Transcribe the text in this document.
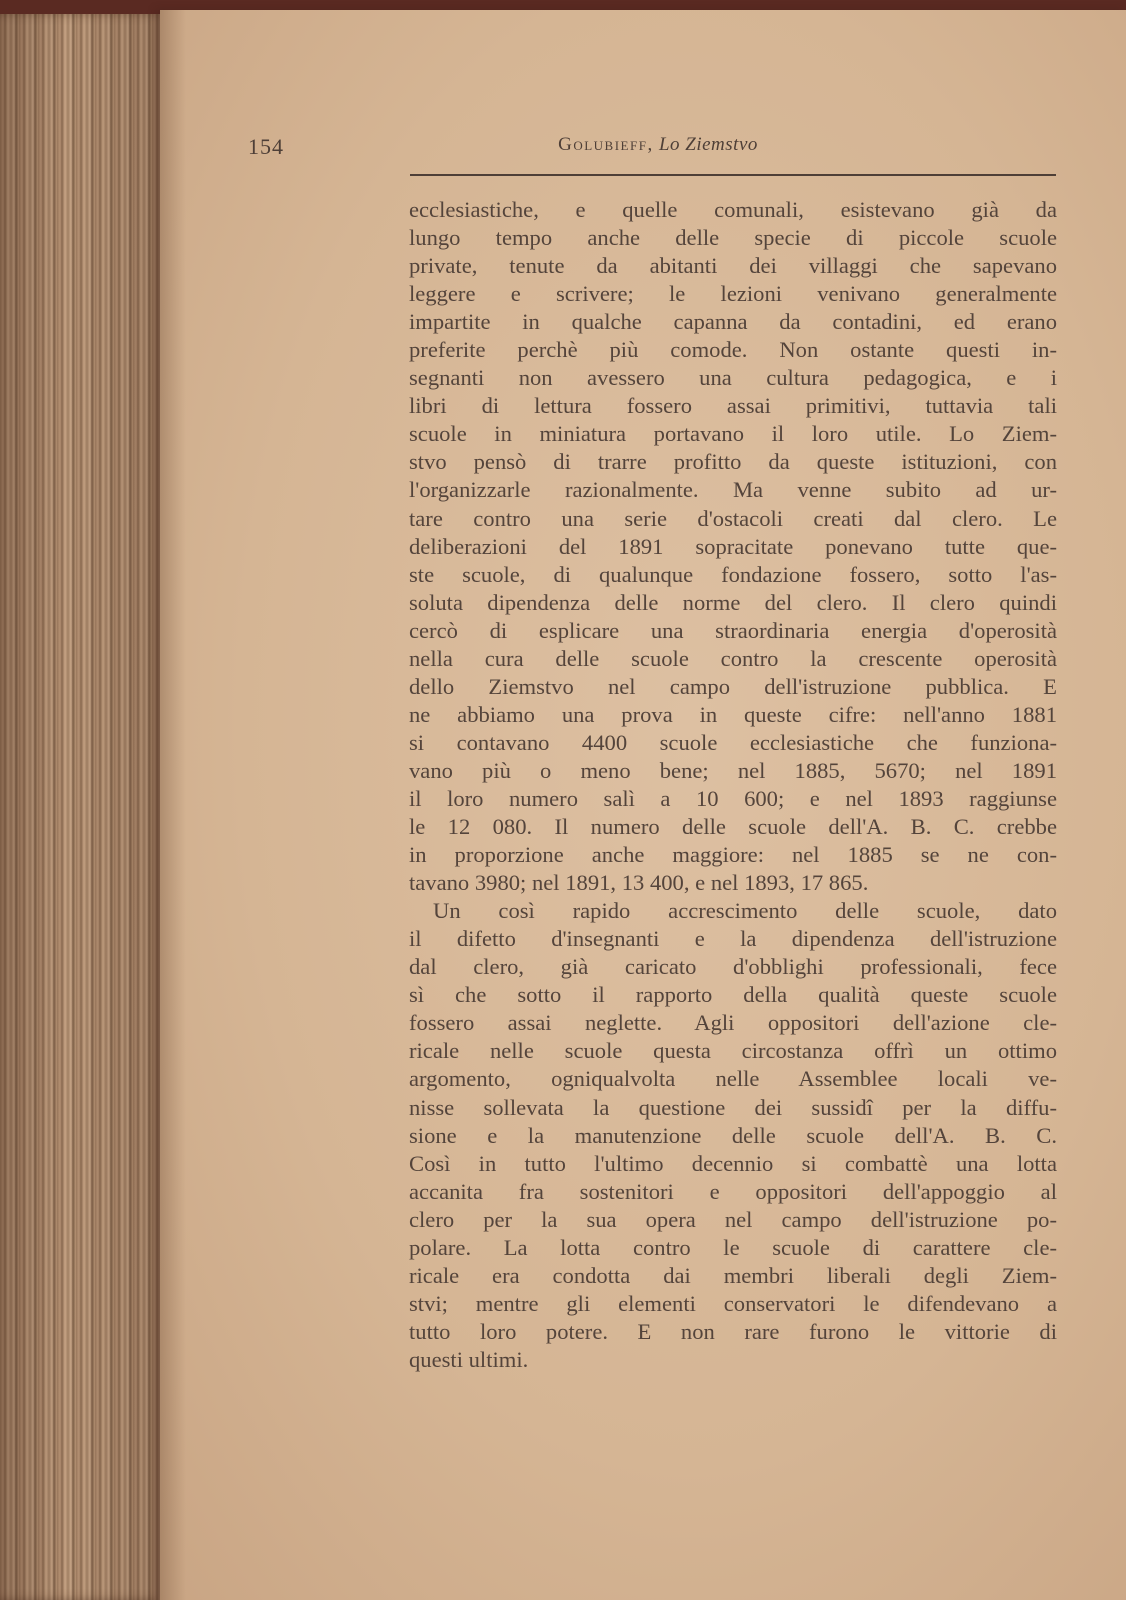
154	Golubieff, Lo Ziemstvo
ecclesiastiche, e quelle comunali, esistevano già da
lungo tempo anche delle specie di piccole scuole
private, tenute da abitanti dei villaggi che sapevano
leggere e scrivere; le lezioni venivano generalmente
impartite in qualche capanna da contadini, ed erano
preferite perchè più comode. Non ostante questi in-
segnanti non avessero una cultura pedagogica, e i
libri di lettura fossero assai primitivi, tuttavia tali
scuole in miniatura portavano il loro utile. Lo Ziem-
stvo pensò di trarre profitto da queste istituzioni, con
l'organizzarle razionalmente. Ma venne subito ad ur-
tare contro una serie d'ostacoli creati dal clero. Le
deliberazioni del 1891 sopracitate ponevano tutte que-
ste scuole, di qualunque fondazione fossero, sotto l'as-
soluta dipendenza delle norme del clero. Il clero quindi
cercò di esplicare una straordinaria energia d'operosità
nella cura delle scuole contro la crescente operosità
dello Ziemstvo nel campo dell'istruzione pubblica. E
ne abbiamo una prova in queste cifre: nell'anno 1881
si contavano 4400 scuole ecclesiastiche che funziona-
vano più o meno bene; nel 1885, 5670; nel 1891
il loro numero salì a 10 600; e nel 1893 raggiunse
le 12 080. Il numero delle scuole dell'A. B. C. crebbe
in proporzione anche maggiore: nel 1885 se ne con-
tavano 3980; nel 1891, 13 400, e nel 1893, 17 865.
Un così rapido accrescimento delle scuole, dato
il difetto d'insegnanti e la dipendenza dell'istruzione
dal clero, già caricato d'obblighi professionali, fece
sì che sotto il rapporto della qualità queste scuole
fossero assai neglette. Agli oppositori dell'azione cle-
ricale nelle scuole questa circostanza offrì un ottimo
argomento, ogniqualvolta nelle Assemblee locali ve-
nisse sollevata la questione dei sussidî per la diffu-
sione e la manutenzione delle scuole dell'A. B. C.
Così in tutto l'ultimo decennio si combattè una lotta
accanita fra sostenitori e oppositori dell'appoggio al
clero per la sua opera nel campo dell'istruzione po-
polare. La lotta contro le scuole di carattere cle-
ricale era condotta dai membri liberali degli Ziem-
stvi; mentre gli elementi conservatori le difendevano a
tutto loro potere. E non rare furono le vittorie di
questi ultimi.
